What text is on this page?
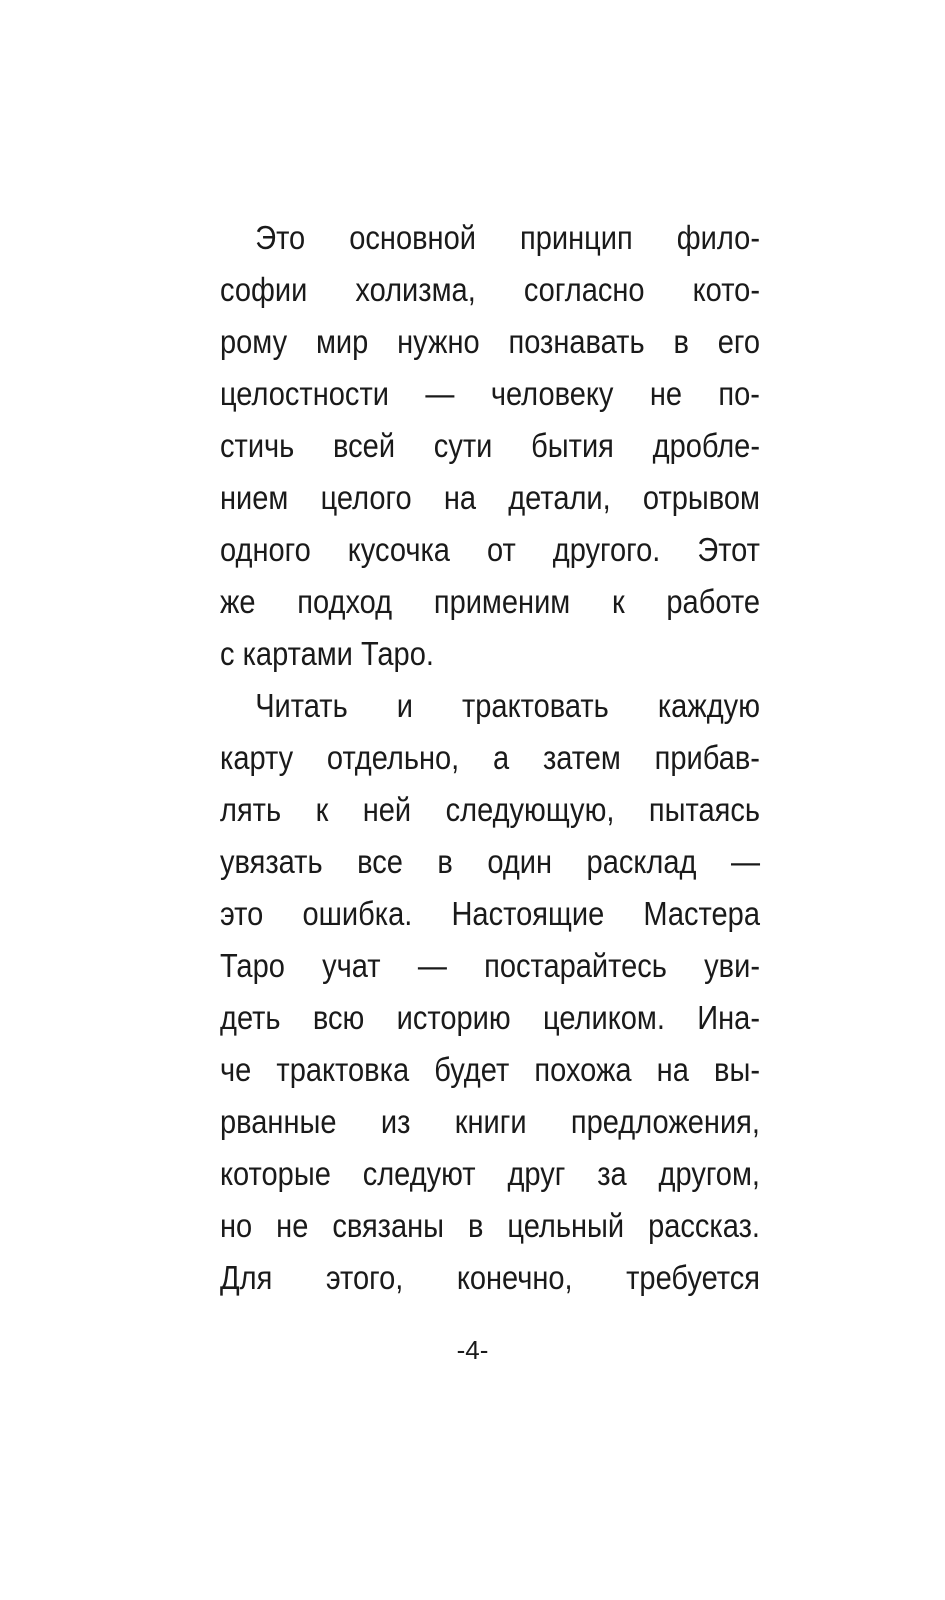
Это основной принцип фило-
софии холизма, согласно кото-
рому мир нужно познавать в его
целостности — человеку не по-
стичь всей сути бытия дробле-
нием целого на детали, отрывом
одного кусочка от другого. Этот
же подход применим к работе
с картами Таро.
Читать и трактовать каждую
карту отдельно, а затем прибав-
лять к ней следующую, пытаясь
увязать все в один расклад —
это ошибка. Настоящие Мастера
Таро учат — постарайтесь уви-
деть всю историю целиком. Ина-
че трактовка будет похожа на вы-
рванные из книги предложения,
которые следуют друг за другом,
но не связаны в цельный рассказ.
Для этого, конечно, требуется
-4-
